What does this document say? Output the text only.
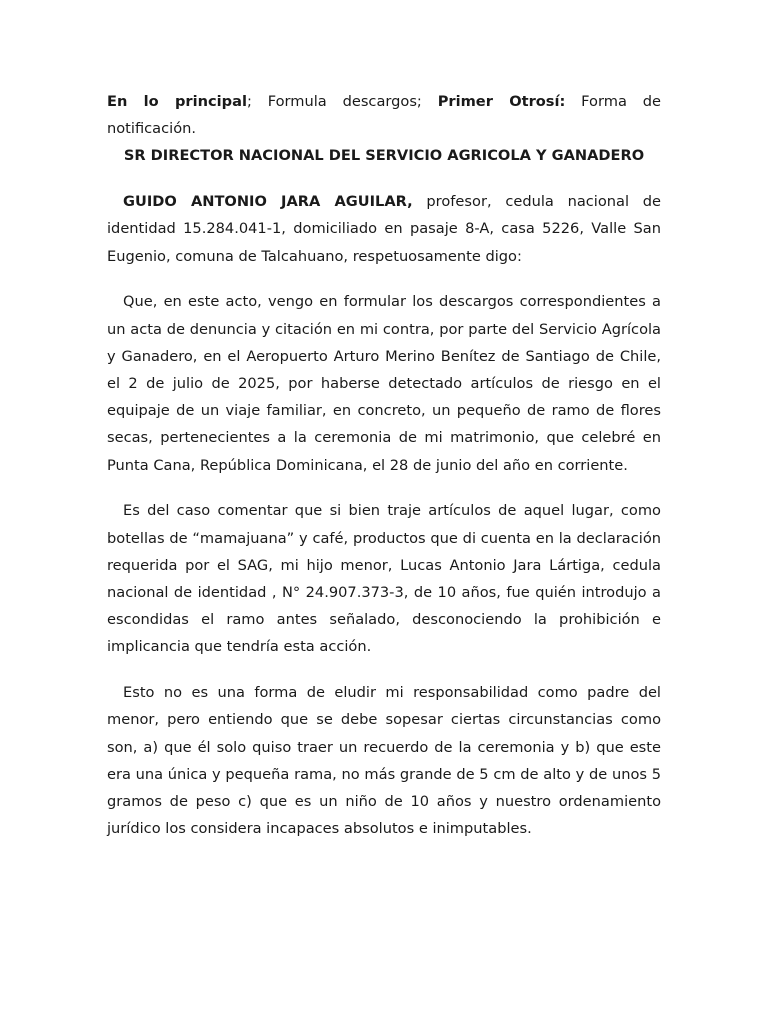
En lo principal; Formula descargos; Primer Otrosí: Forma de notificación.

SR DIRECTOR NACIONAL DEL SERVICIO AGRICOLA Y GANADERO

GUIDO ANTONIO JARA AGUILAR, profesor, cedula nacional de identidad 15.284.041-1, domiciliado en pasaje 8-A, casa 5226, Valle San Eugenio, comuna de Talcahuano, respetuosamente digo:

Que, en este acto, vengo en formular los descargos correspondientes a un acta de denuncia y citación en mi contra, por parte del Servicio Agrícola y Ganadero, en el Aeropuerto Arturo Merino Benítez de Santiago de Chile, el 2 de julio de 2025, por haberse detectado artículos de riesgo en el equipaje de un viaje familiar, en concreto, un pequeño de ramo de flores secas, pertenecientes a la ceremonia de mi matrimonio, que celebré en Punta Cana, República Dominicana, el 28 de junio del año en corriente.

Es del caso comentar que si bien traje artículos de aquel lugar, como botellas de “mamajuana” y café, productos que di cuenta en la declaración requerida por el SAG, mi hijo menor, Lucas Antonio Jara Lártiga, cedula nacional de identidad , N° 24.907.373-3, de 10 años, fue quién introdujo a escondidas el ramo antes señalado, desconociendo la prohibición e implicancia que tendría esta acción.

Esto no es una forma de eludir mi responsabilidad como padre del menor, pero entiendo que se debe sopesar ciertas circunstancias como son, a) que él solo quiso traer un recuerdo de la ceremonia y b) que este era una única y pequeña rama, no más grande de 5 cm de alto y de unos 5 gramos de peso c) que es un niño de 10 años y nuestro ordenamiento jurídico los considera incapaces absolutos e inimputables.
